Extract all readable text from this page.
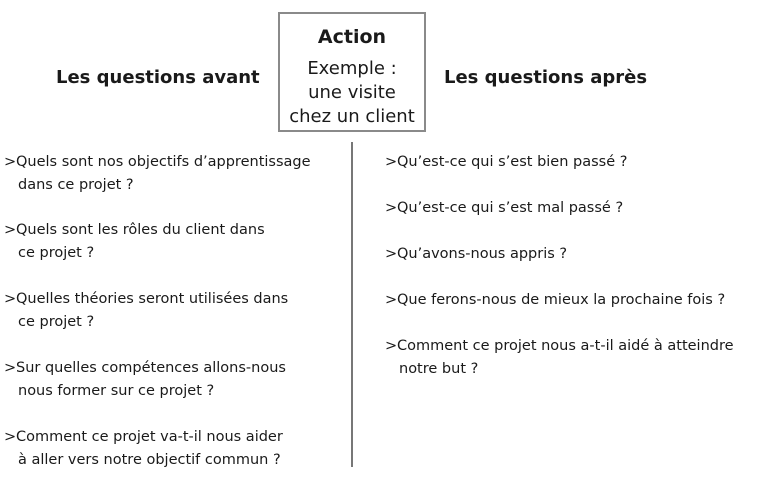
Action
Exemple :
une visite
chez un client
Les questions avant	Les questions après
> Quels sont nos objectifs d’apprentissage
dans ce projet ?
> Quels sont les rôles du client dans
ce projet ?
> Quelles théories seront utilisées dans
ce projet ?
> Sur quelles compétences allons-nous
nous former sur ce projet ?
> Comment ce projet va-t-il nous aider
à aller vers notre objectif commun ?
> Qu’est-ce qui s’est bien passé ?
> Qu’est-ce qui s’est mal passé ?
> Qu’avons-nous appris ?
> Que ferons-nous de mieux la prochaine fois ?
> Comment ce projet nous a-t-il aidé à atteindre
notre but ?
